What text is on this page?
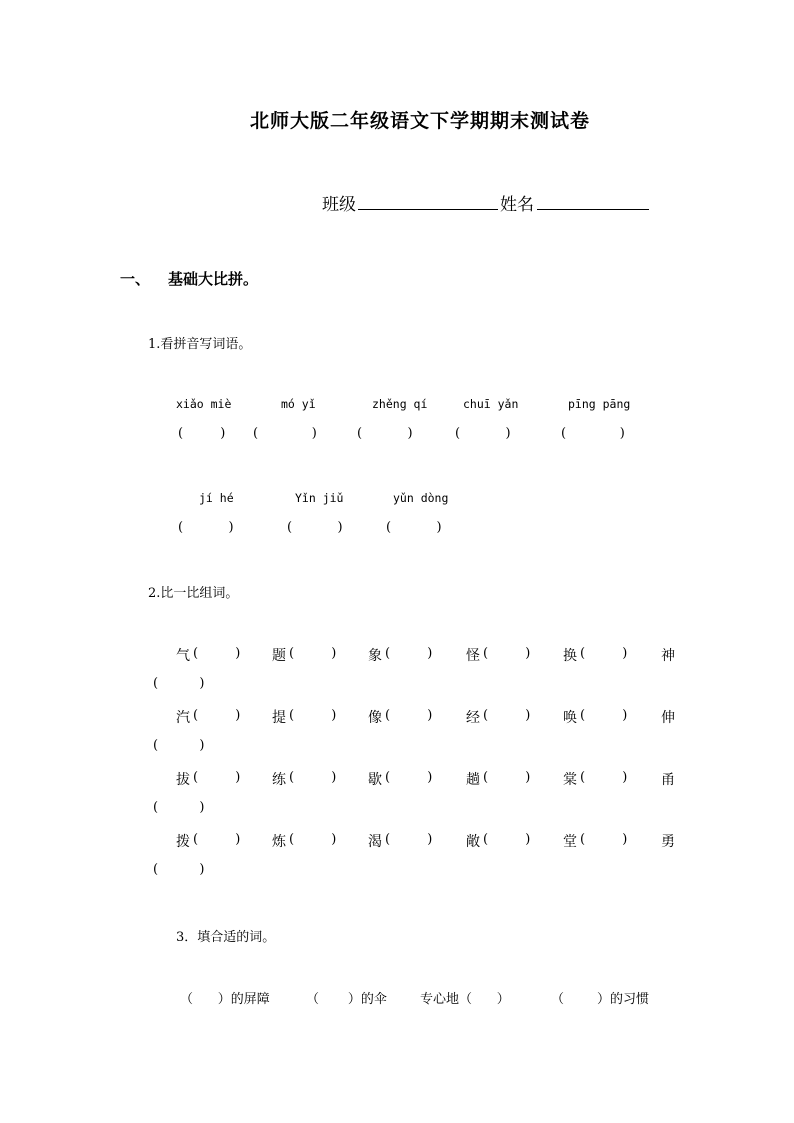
北师大版二年级语文下学期期末测试卷
班级	姓名
一、 基础大比拼。
1.看拼音写词语。
xiǎo miè	mó yǐ	zhěng qí	chuī yǎn	pīng pāng
(         ) (             )	(           )	(           )	(             )
jí hé	Yǐn jiǔ	yǔn dòng
(           )	(           )	(           )
2.比一比组词。
气 (         ) 题 (         ) 象 (         ) 怪 (         ) 换 (         ) 神
(          )
汽 (         ) 提 (         ) 像 (         ) 经 (         ) 唤 (         ) 伸
(          )
拔 (         ) 练 (         ) 歇 (         ) 趟 (         ) 棠 (         ) 甬
(          )
拨 (         ) 炼 (         ) 渴 (         ) 敞 (         ) 堂 (         ) 勇
(          )
3．填合适的词。
（      ）的屏障	（       ）的伞	专心地（      ）	（        ）的习惯
